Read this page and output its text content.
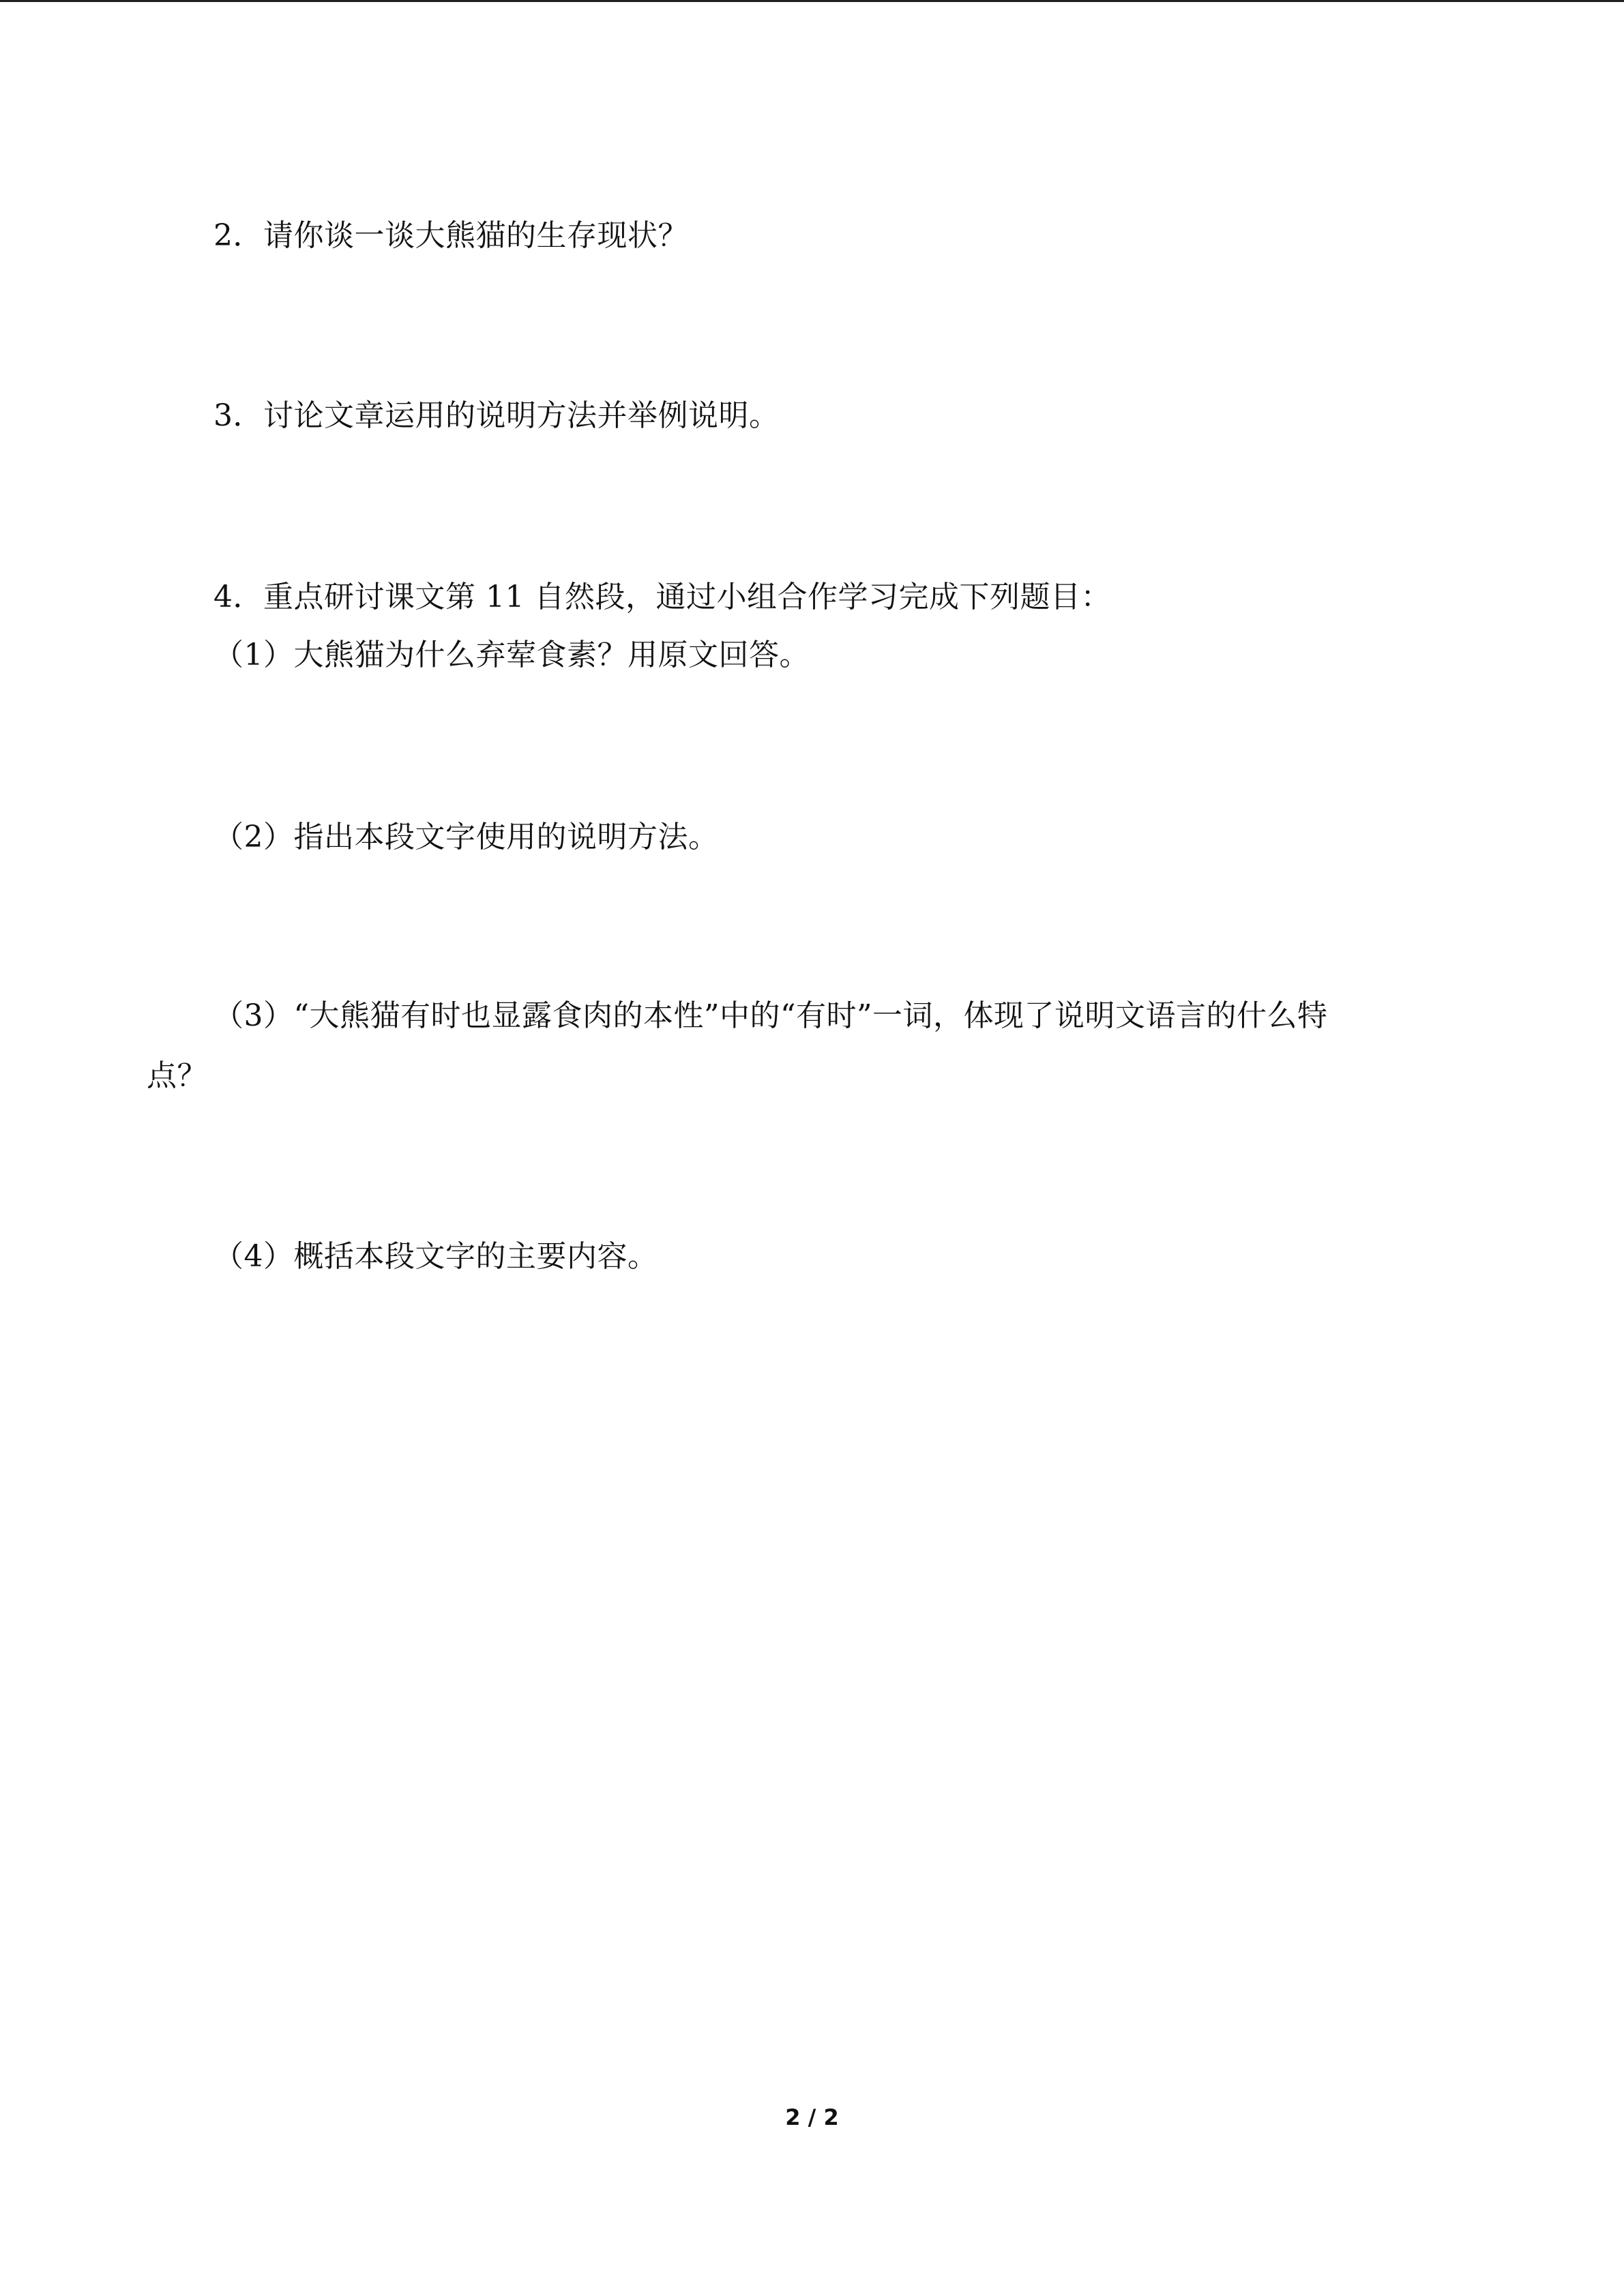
2．请你谈一谈大熊猫的生存现状？
3．讨论文章运用的说明方法并举例说明。
4．重点研讨课文第 11 自然段，通过小组合作学习完成下列题目：
（1）大熊猫为什么弃荤食素？用原文回答。
（2）指出本段文字使用的说明方法。
（3）“大熊猫有时也显露食肉的本性”中的“有时”一词，体现了说明文语言的什么特
点？
（4）概括本段文字的主要内容。
2 / 2
